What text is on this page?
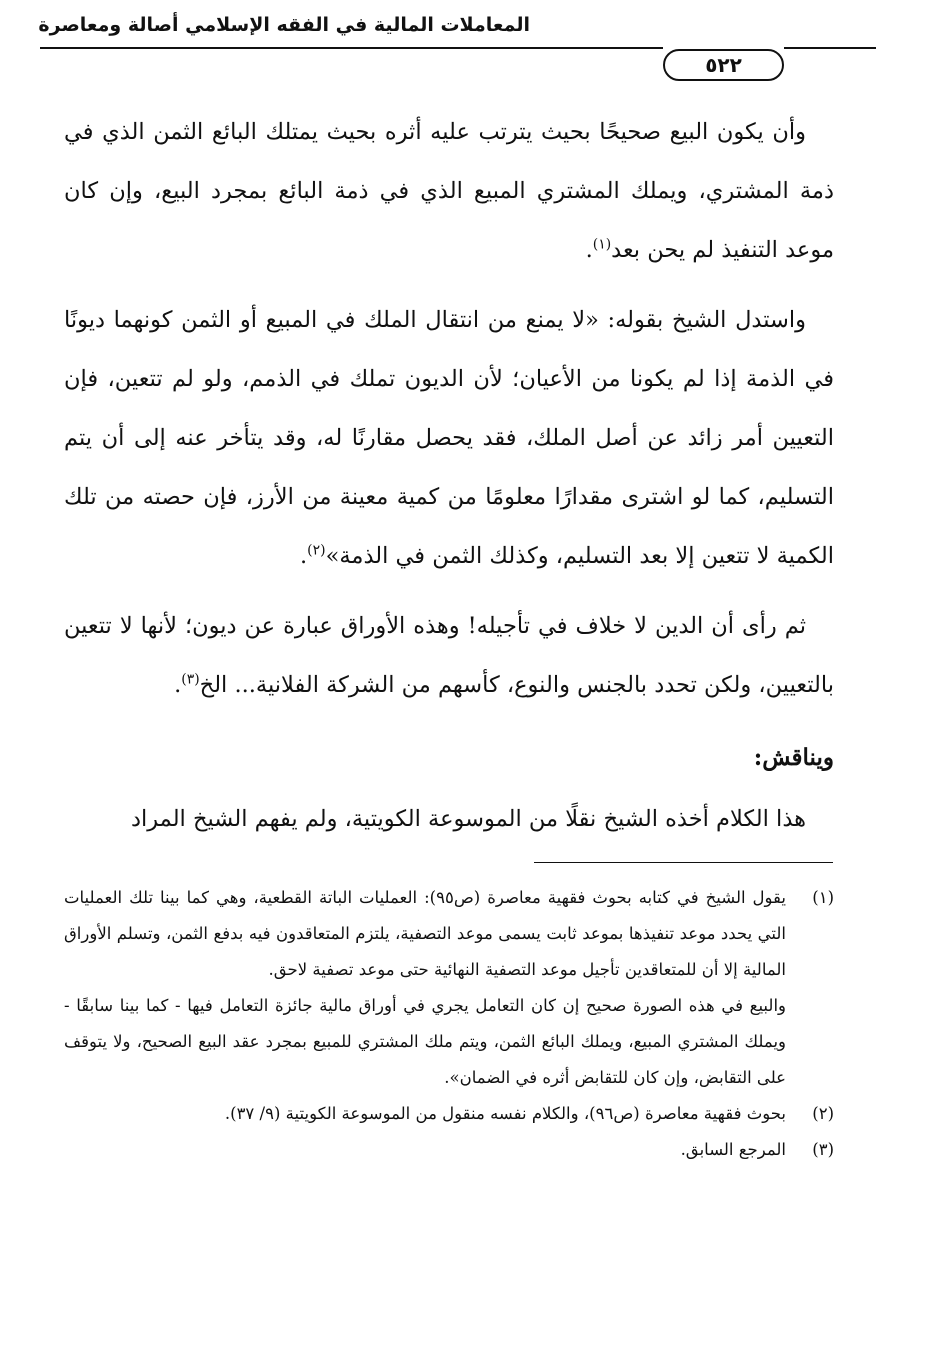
المعاملات المالية في الفقه الإسلامي أصالة ومعاصرة
٥٢٢

وأن يكون البيع صحيحًا بحيث يترتب عليه أثره بحيث يمتلك البائع الثمن الذي في ذمة المشتري، ويملك المشتري المبيع الذي في ذمة البائع بمجرد البيع، وإن كان موعد التنفيذ لم يحن بعد$^{(١)}$.

واستدل الشيخ بقوله: «لا يمنع من انتقال الملك في المبيع أو الثمن كونهما ديونًا في الذمة إذا لم يكونا من الأعيان؛ لأن الديون تملك في الذمم، ولو لم تتعين، فإن التعيين أمر زائد عن أصل الملك، فقد يحصل مقارنًا له، وقد يتأخر عنه إلى أن يتم التسليم، كما لو اشترى مقدارًا معلومًا من كمية معينة من الأرز، فإن حصته من تلك الكمية لا تتعين إلا بعد التسليم، وكذلك الثمن في الذمة»$^{(٢)}$.

ثم رأى أن الدين لا خلاف في تأجيله! وهذه الأوراق عبارة عن ديون؛ لأنها لا تتعين بالتعيين، ولكن تحدد بالجنس والنوع، كأسهم من الشركة الفلانية... الخ$^{(٣)}$.

ويناقش:

هذا الكلام أخذه الشيخ نقلًا من الموسوعة الكويتية، ولم يفهم الشيخ المراد

(١)
يقول الشيخ في كتابه بحوث فقهية معاصرة (ص٩٥): العمليات الباتة القطعية، وهي كما بينا تلك العمليات التي يحدد موعد تنفيذها بموعد ثابت يسمى موعد التصفية، يلتزم المتعاقدون فيه بدفع الثمن، وتسلم الأوراق المالية إلا أن للمتعاقدين تأجيل موعد التصفية النهائية حتى موعد تصفية لاحق.

والبيع في هذه الصورة صحيح إن كان التعامل يجري في أوراق مالية جائزة التعامل فيها - كما بينا سابقًا - ويملك المشتري المبيع، ويملك البائع الثمن، ويتم ملك المشتري للمبيع بمجرد عقد البيع الصحيح، ولا يتوقف على التقابض، وإن كان للتقابض أثره في الضمان».

(٢)
بحوث فقهية معاصرة (ص٩٦)، والكلام نفسه منقول من الموسوعة الكويتية (٩/ ٣٧).

(٣)
المرجع السابق.
